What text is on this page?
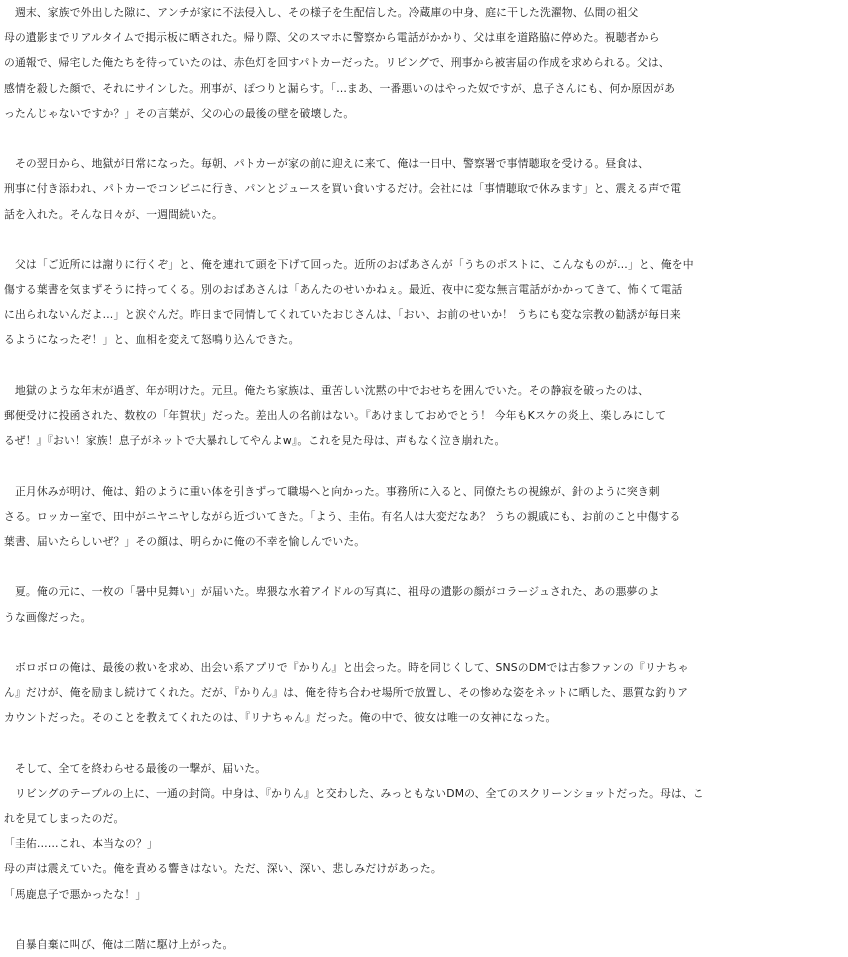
　週末、家族で外出した隙に、アンチが家に不法侵入し、その様子を生配信した。冷蔵庫の中身、庭に干した洗濯物、仏間の祖父
母の遺影までリアルタイムで掲示板に晒された。帰り際、父のスマホに警察から電話がかかり、父は車を道路脇に停めた。視聴者から
の通報で、帰宅した俺たちを待っていたのは、赤色灯を回すパトカーだった。リビングで、刑事から被害届の作成を求められる。父は、
感情を殺した顔で、それにサインした。刑事が、ぽつりと漏らす。「…まあ、一番悪いのはやった奴ですが、息子さんにも、何か原因があ
ったんじゃないですか？」その言葉が、父の心の最後の壁を破壊した。
　その翌日から、地獄が日常になった。毎朝、パトカーが家の前に迎えに来て、俺は一日中、警察署で事情聴取を受ける。昼食は、
刑事に付き添われ、パトカーでコンビニに行き、パンとジュースを買い食いするだけ。会社には「事情聴取で休みます」と、震える声で電
話を入れた。そんな日々が、一週間続いた。
　父は「ご近所には謝りに行くぞ」と、俺を連れて頭を下げて回った。近所のおばあさんが「うちのポストに、こんなものが…」と、俺を中
傷する葉書を気まずそうに持ってくる。別のおばあさんは「あんたのせいかねぇ。最近、夜中に変な無言電話がかかってきて、怖くて電話
に出られないんだよ…」と涙ぐんだ。昨日まで同情してくれていたおじさんは、「おい、お前のせいか！ うちにも変な宗教の勧誘が毎日来
るようになったぞ！」と、血相を変えて怒鳴り込んできた。
　地獄のような年末が過ぎ、年が明けた。元旦。俺たち家族は、重苦しい沈黙の中でおせちを囲んでいた。その静寂を破ったのは、
郵便受けに投函された、数枚の「年賀状」だった。差出人の名前はない。『あけましておめでとう！ 今年もKスケの炎上、楽しみにして
るぜ！』『おい！家族！息子がネットで大暴れしてやんよw』。これを見た母は、声もなく泣き崩れた。
　正月休みが明け、俺は、鉛のように重い体を引きずって職場へと向かった。事務所に入ると、同僚たちの視線が、針のように突き刺
さる。ロッカー室で、田中がニヤニヤしながら近づいてきた。「よう、圭佑。有名人は大変だなあ？ うちの親戚にも、お前のこと中傷する
葉書、届いたらしいぜ？」その顔は、明らかに俺の不幸を愉しんでいた。
　夏。俺の元に、一枚の「暑中見舞い」が届いた。卑猥な水着アイドルの写真に、祖母の遺影の顔がコラージュされた、あの悪夢のよ
うな画像だった。
　ボロボロの俺は、最後の救いを求め、出会い系アプリで『かりん』と出会った。時を同じくして、SNSのDMでは古参ファンの『リナちゃ
ん』だけが、俺を励まし続けてくれた。だが、『かりん』は、俺を待ち合わせ場所で放置し、その惨めな姿をネットに晒した、悪質な釣りア
カウントだった。そのことを教えてくれたのは、『リナちゃん』だった。俺の中で、彼女は唯一の女神になった。
　そして、全てを終わらせる最後の一撃が、届いた。
　リビングのテーブルの上に、一通の封筒。中身は、『かりん』と交わした、みっともないDMの、全てのスクリーンショットだった。母は、こ
れを見てしまったのだ。
「圭佑……これ、本当なの？」
母の声は震えていた。俺を責める響きはない。ただ、深い、深い、悲しみだけがあった。
「馬鹿息子で悪かったな！」
　自暴自棄に叫び、俺は二階に駆け上がった。
